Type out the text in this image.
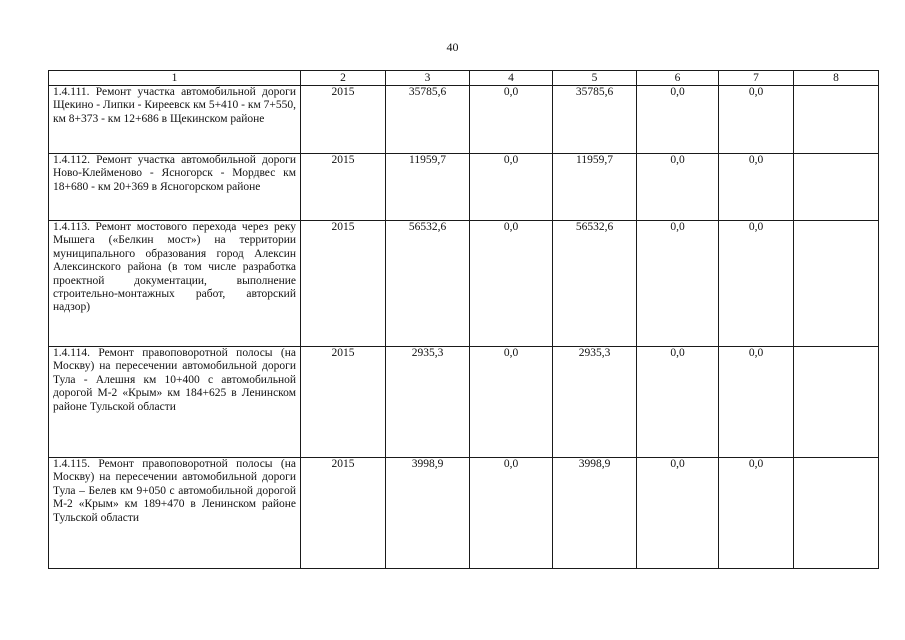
40
1	2	3	4	5	6	7	8
1.4.111. Ремонт участка автомобильной дороги Щекино - Липки - Киреевск км 5+410 - км 7+550, км 8+373 - км 12+686 в Щекинском районе	2015	35785,6	0,0	35785,6	0,0	0,0	
1.4.112. Ремонт участка автомобильной дороги Ново-Клейменово - Ясногорск - Мордвес км 18+680 - км 20+369 в Ясногорском районе	2015	11959,7	0,0	11959,7	0,0	0,0	
1.4.113. Ремонт мостового перехода через реку Мышега («Белкин мост») на территории муниципального образования город Алексин Алексинского района (в том числе разработка проектной документации, выполнение строительно-монтажных работ, авторский надзор)	2015	56532,6	0,0	56532,6	0,0	0,0	
1.4.114. Ремонт правоповоротной полосы (на Москву) на пересечении автомобильной дороги Тула - Алешня км 10+400 с автомобильной дорогой М-2 «Крым» км 184+625 в Ленинском районе Тульской области	2015	2935,3	0,0	2935,3	0,0	0,0	
1.4.115. Ремонт правоповоротной полосы (на Москву) на пересечении автомобильной дороги Тула – Белев км 9+050 с автомобильной дорогой М-2 «Крым» км 189+470 в Ленинском районе Тульской области	2015	3998,9	0,0	3998,9	0,0	0,0	
